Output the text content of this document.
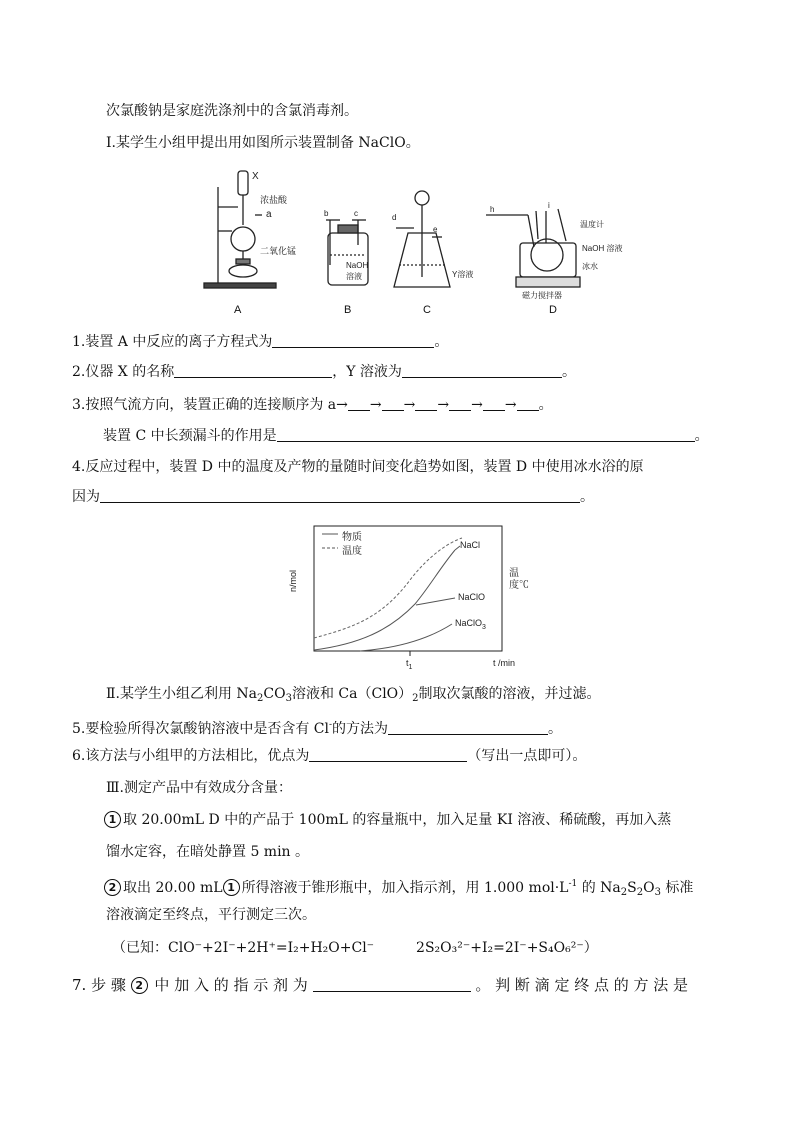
次氯酸钠是家庭洗涤剂中的含氯消毒剂。
Ⅰ.某学生小组甲提出用如图所示装置制备 NaClO。
X
浓盐酸
a
二氧化锰
b	c
NaOH
溶液
d
e
Y溶液
h	i
温度计
NaOH 溶液
冰水
磁力搅拌器
A	B	C	D
1.装置 A 中反应的离子方程式为	。
2.仪器 X 的名称	，Y 溶液为	。
3.按照气流方向，装置正确的连接顺序为 a→ → → → → → 。
装置 C 中长颈漏斗的作用是	。
4.反应过程中，装置 D 中的温度及产物的量随时间变化趋势如图，装置 D 中使用冰水浴的原
因为	。
物质
温度
n/mol	温度℃
NaCl
NaClO
NaClO$_3$
$t_1$	t /min
Ⅱ.某学生小组乙利用 $Na_2CO_3$溶液和 $Ca(ClO)_2$制取次氯酸的溶液，并过滤。
5.要检验所得次氯酸钠溶液中是否含有 Cl-的方法为	。
6.该方法与小组甲的方法相比，优点为	（写出一点即可）。
Ⅲ.测定产品中有效成分含量：
1 取 20.00mL D 中的产品于 100mL 的容量瓶中，加入足量 KI 溶液、稀硫酸，再加入蒸
馏水定容，在暗处静置 5 min 。
2 取出 20.00 mL 1 所得溶液于锥形瓶中，加入指示剂，用 1.000 $mol\cdot L^{-1}$ 的 $Na_2S_2O_3$ 标准
溶液滴定至终点，平行测定三次。
（已知：ClO⁻+2I⁻+2H⁺=I₂+H₂O+Cl⁻　　　2S₂O₃²⁻+I₂=2I⁻+S₄O₆²⁻）
7. 步 骤 2 中 加 入 的 指 示 剂 为	。 判 断 滴 定 终 点 的 方 法 是
